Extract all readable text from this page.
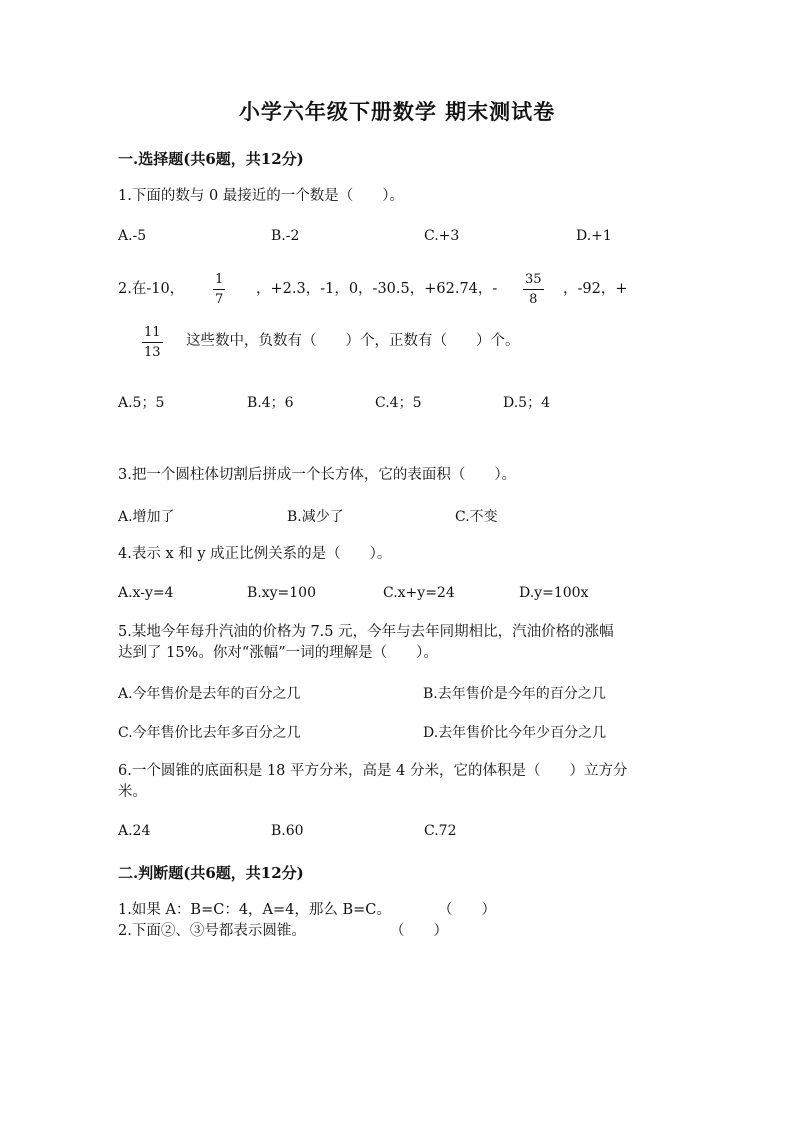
小学六年级下册数学 期末测试卷
一.选择题(共6题，共12分)
1.下面的数与 0 最接近的一个数是（　　）。
A.-5	B.-2	C.+3	D.+1
2.在-10，
1
7
，+2.3，-1，0，-30.5，+62.74，-
35
8
，-92，+
11
13
这些数中，负数有（　　）个，正数有（　　）个。
A.5；5	B.4；6	C.4；5	D.5；4
3.把一个圆柱体切割后拼成一个长方体，它的表面积（　　）。
A.增加了	B.减少了	C.不变
4.表示 x 和 y 成正比例关系的是（　　）。
A.x-y=4	B.xy=100	C.x+y=24	D.y=100x
5.某地今年每升汽油的价格为 7.5 元，今年与去年同期相比，汽油价格的涨幅
达到了 15%。你对“涨幅”一词的理解是（　　）。
A.今年售价是去年的百分之几	B.去年售价是今年的百分之几
C.今年售价比去年多百分之几	D.去年售价比今年少百分之几
6.一个圆锥的底面积是 18 平方分米，高是 4 分米，它的体积是（　　）立方分
米。
A.24	B.60	C.72
二.判断题(共6题，共12分)
1.如果 A：B=C：4，A=4，那么 B=C。	（　　）
2.下面②、③号都表示圆锥。	（　　）
